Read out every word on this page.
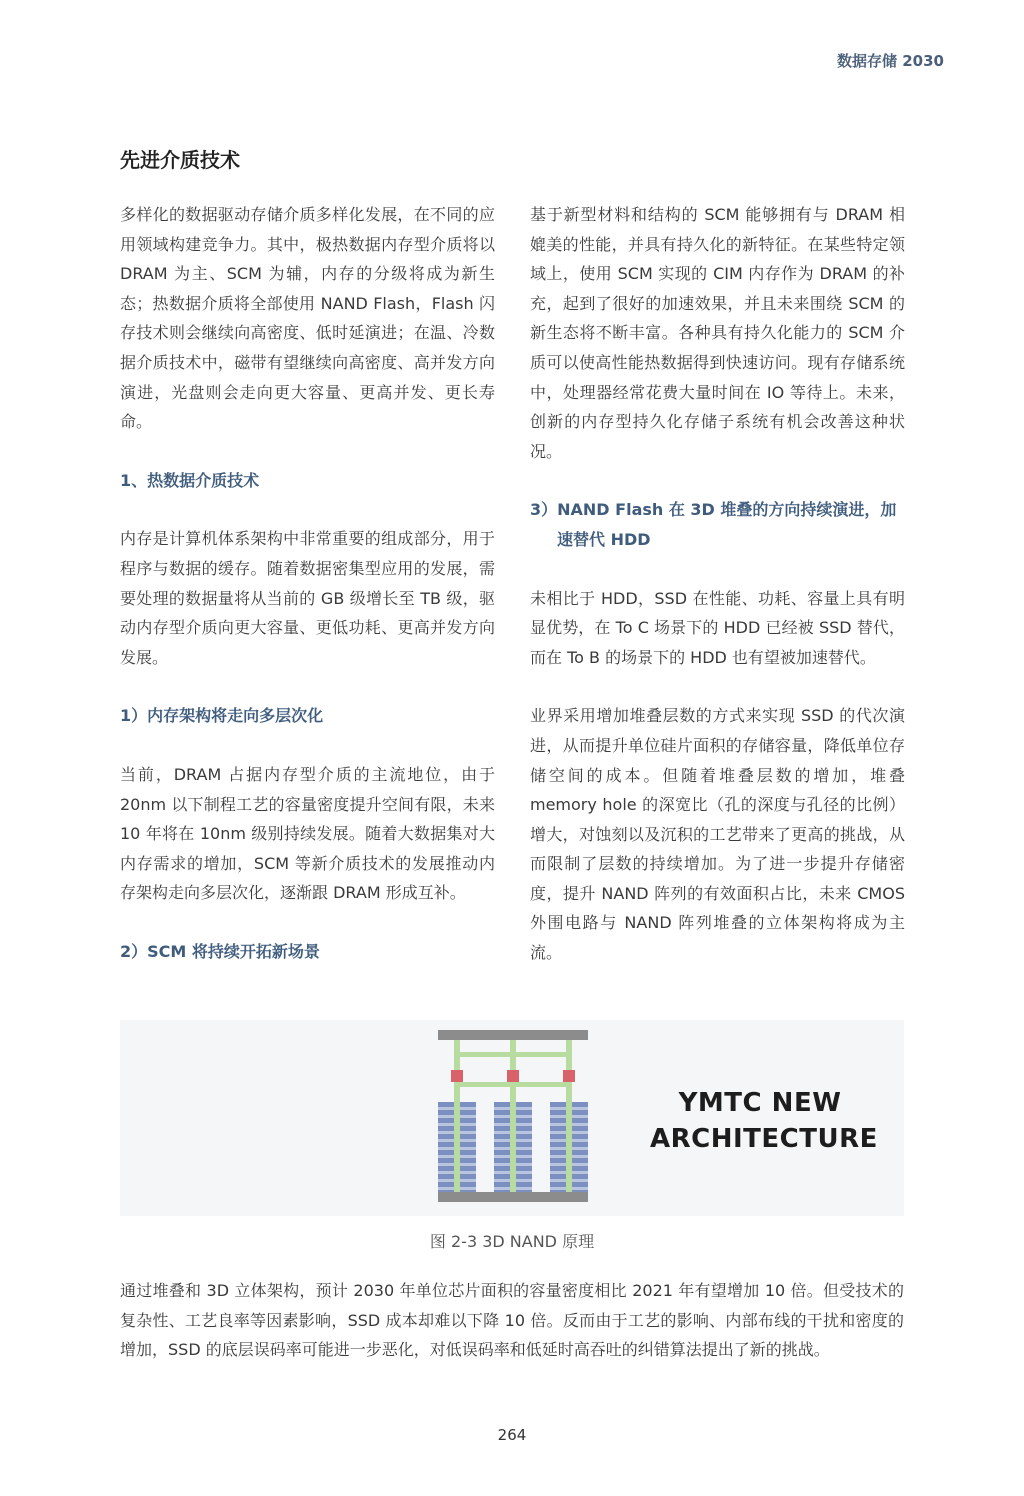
数据存储 2030
先进介质技术

多样化的数据驱动存储介质多样化发展，在不同的应用领域构建竞争力。其中，极热数据内存型介质将以 DRAM 为主、SCM 为辅，内存的分级将成为新生态；热数据介质将全部使用 NAND Flash，Flash 闪存技术则会继续向高密度、低时延演进；在温、冷数据介质技术中，磁带有望继续向高密度、高并发方向演进，光盘则会走向更大容量、更高并发、更长寿命。

1、热数据介质技术

内存是计算机体系架构中非常重要的组成部分，用于程序与数据的缓存。随着数据密集型应用的发展，需要处理的数据量将从当前的 GB 级增长至 TB 级，驱动内存型介质向更大容量、更低功耗、更高并发方向发展。

1）内存架构将走向多层次化

当前，DRAM 占据内存型介质的主流地位，由于 20nm 以下制程工艺的容量密度提升空间有限，未来 10 年将在 10nm 级别持续发展。随着大数据集对大内存需求的增加，SCM 等新介质技术的发展推动内存架构走向多层次化，逐渐跟 DRAM 形成互补。

2）SCM 将持续开拓新场景

基于新型材料和结构的 SCM 能够拥有与 DRAM 相媲美的性能，并具有持久化的新特征。在某些特定领域上，使用 SCM 实现的 CIM 内存作为 DRAM 的补充，起到了很好的加速效果，并且未来围绕 SCM 的新生态将不断丰富。各种具有持久化能力的 SCM 介质可以使高性能热数据得到快速访问。现有存储系统中，处理器经常花费大量时间在 IO 等待上。未来，创新的内存型持久化存储子系统有机会改善这种状况。

3）NAND Flash 在 3D 堆叠的方向持续演进，加速替代 HDD

未相比于 HDD，SSD 在性能、功耗、容量上具有明显优势，在 To C 场景下的 HDD 已经被 SSD 替代，而在 To B 的场景下的 HDD 也有望被加速替代。

业界采用增加堆叠层数的方式来实现 SSD 的代次演进，从而提升单位硅片面积的存储容量，降低单位存储空间的成本。但随着堆叠层数的增加，堆叠 memory hole 的深宽比（孔的深度与孔径的比例）增大，对蚀刻以及沉积的工艺带来了更高的挑战，从而限制了层数的持续增加。为了进一步提升存储密度，提升 NAND 阵列的有效面积占比，未来 CMOS 外围电路与 NAND 阵列堆叠的立体架构将成为主流。

YMTC NEW
ARCHITECTURE
图 2-3 3D NAND 原理

通过堆叠和 3D 立体架构，预计 2030 年单位芯片面积的容量密度相比 2021 年有望增加 10 倍。但受技术的复杂性、工艺良率等因素影响，SSD 成本却难以下降 10 倍。反而由于工艺的影响、内部布线的干扰和密度的增加，SSD 的底层误码率可能进一步恶化，对低误码率和低延时高吞吐的纠错算法提出了新的挑战。

264
